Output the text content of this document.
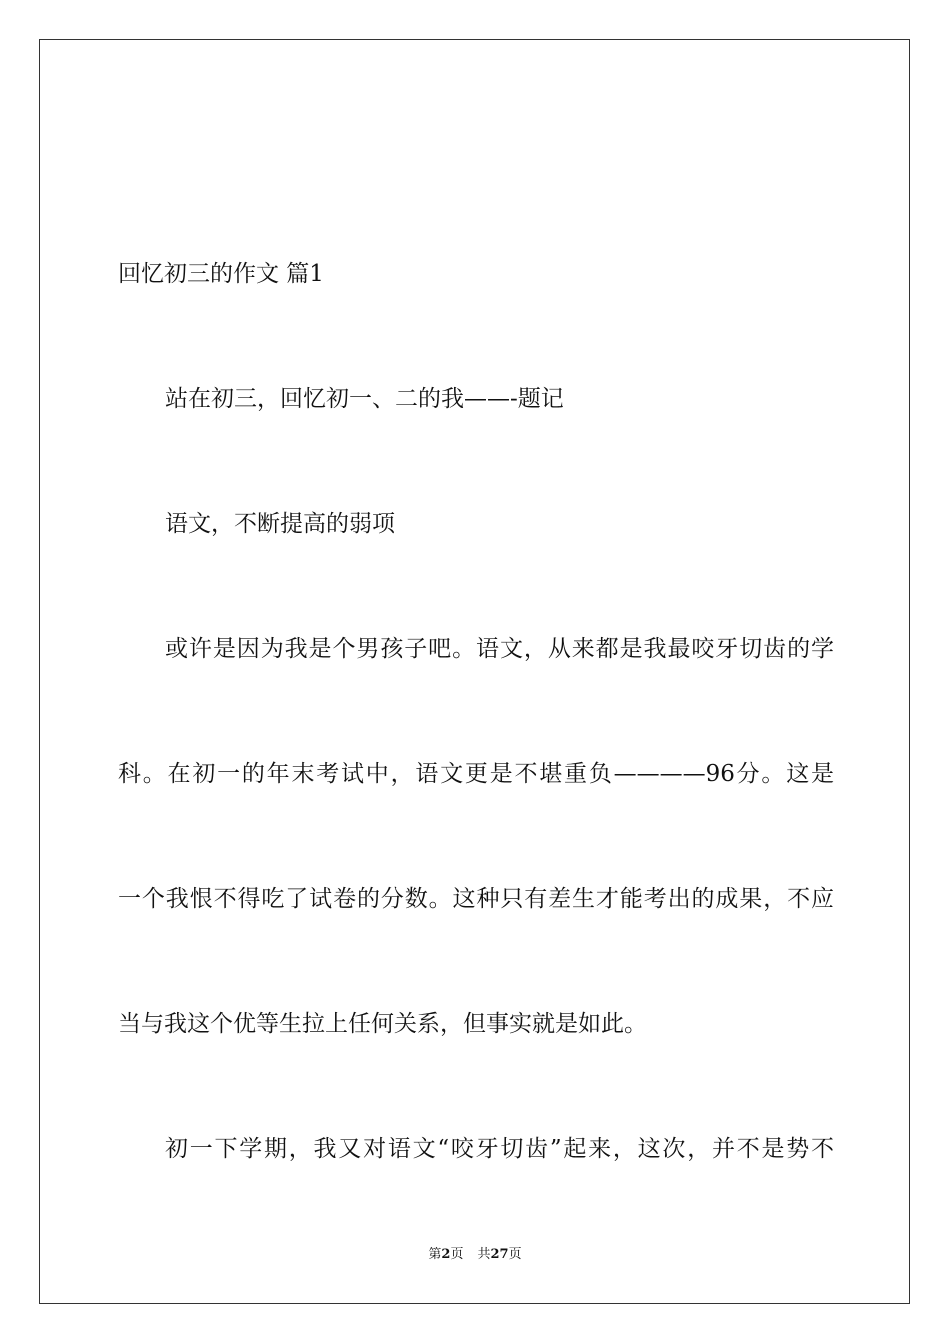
回忆初三的作文 篇1
站在初三，回忆初一、二的我——-题记
语文，不断提高的弱项
或许是因为我是个男孩子吧。语文，从来都是我最咬牙切齿的学
科。在初一的年末考试中，语文更是不堪重负————96分。这是
一个我恨不得吃了试卷的分数。这种只有差生才能考出的成果，不应
当与我这个优等生拉上任何关系，但事实就是如此。
初一下学期，我又对语文“咬牙切齿”起来，这次，并不是势不
第2页 共27页
